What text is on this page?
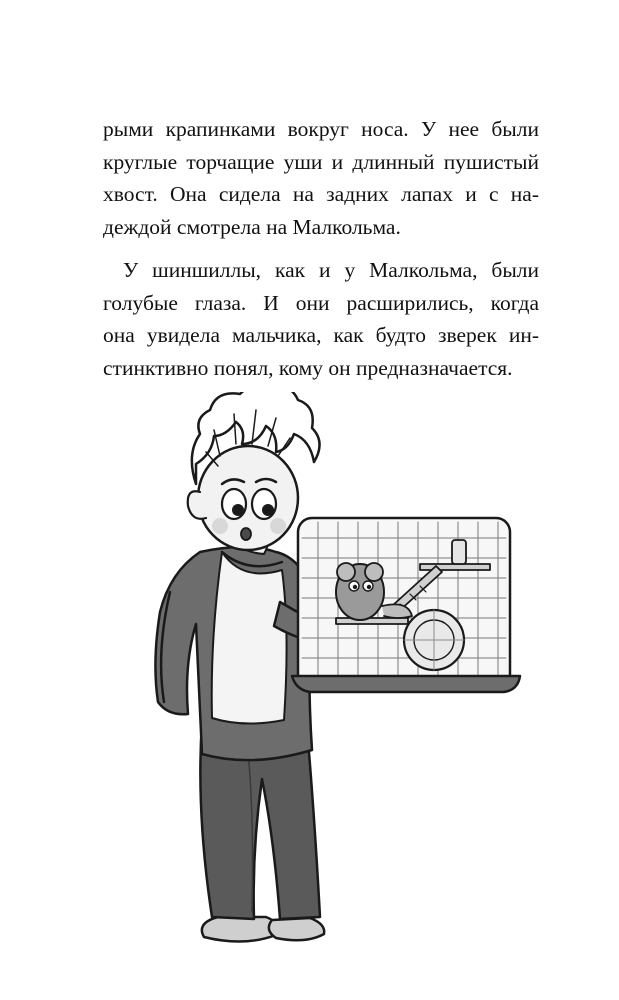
рыми крапинками вокруг носа. У нее были
круглые торчащие уши и длинный пушистый
хвост. Она сидела на задних лапах и с на-
деждой смотрела на Малкольма.

У шиншиллы, как и у Малкольма, были
голубые глаза. И они расширились, когда
она увидела мальчика, как будто зверек ин-
стинктивно понял, кому он предназначается.
